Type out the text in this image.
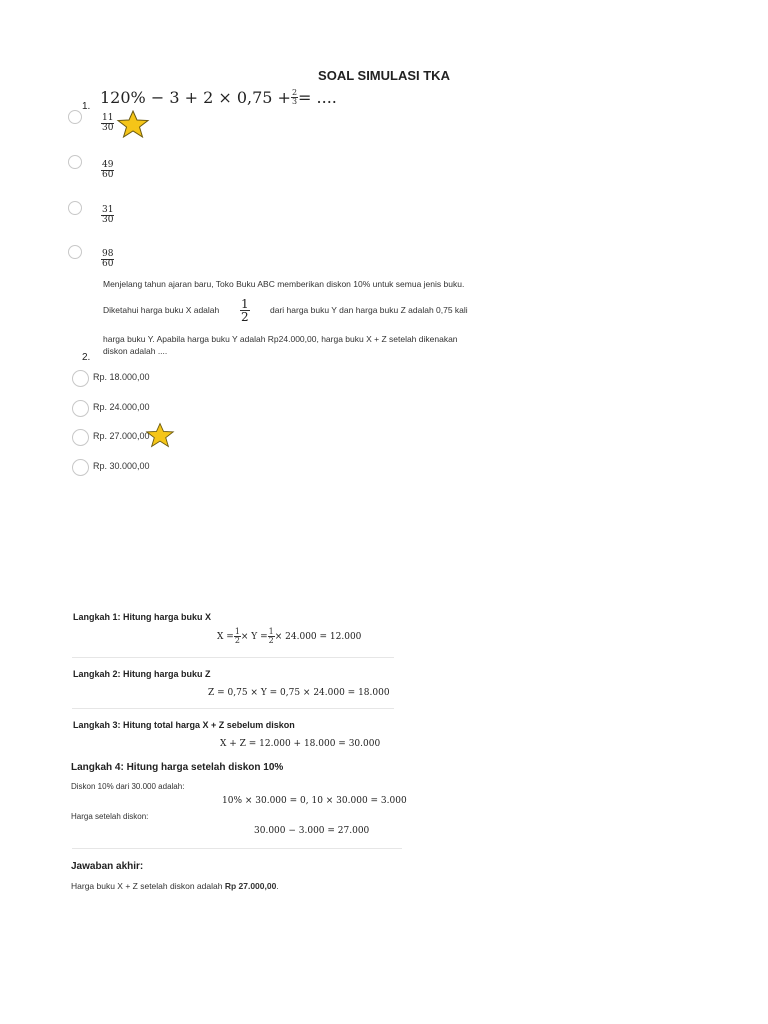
SOAL SIMULASI TKA
1. $120\% - 3 + 2 \times 0,75 + \frac{2}{3}$ = ....
$\frac{11}{30}$
$\frac{49}{60}$
$\frac{31}{30}$
$\frac{98}{60}$
Menjelang tahun ajaran baru, Toko Buku ABC memberikan diskon 10% untuk semua jenis buku.
Diketahui harga buku X adalah $\frac{1}{2}$ dari harga buku Y dan harga buku Z adalah 0,75 kali
harga buku Y. Apabila harga buku Y adalah Rp24.000,00, harga buku X + Z setelah dikenakan
diskon adalah ....
2.
Rp. 18.000,00
Rp. 24.000,00
Rp. 27.000,00
Rp. 30.000,00
Langkah 1: Hitung harga buku X
$X = \frac{1}{2} \times Y = \frac{1}{2} \times 24.000 = 12.000$
Langkah 2: Hitung harga buku Z
Z = 0,75 × Y = 0,75 × 24.000 = 18.000
Langkah 3: Hitung total harga X + Z sebelum diskon
X + Z = 12.000 + 18.000 = 30.000
Langkah 4: Hitung harga setelah diskon 10%
Diskon 10% dari 30.000 adalah:
10% × 30.000 = 0, 10 × 30.000 = 3.000
Harga setelah diskon:
30.000 − 3.000 = 27.000
Jawaban akhir:
Harga buku X + Z setelah diskon adalah Rp 27.000,00.
